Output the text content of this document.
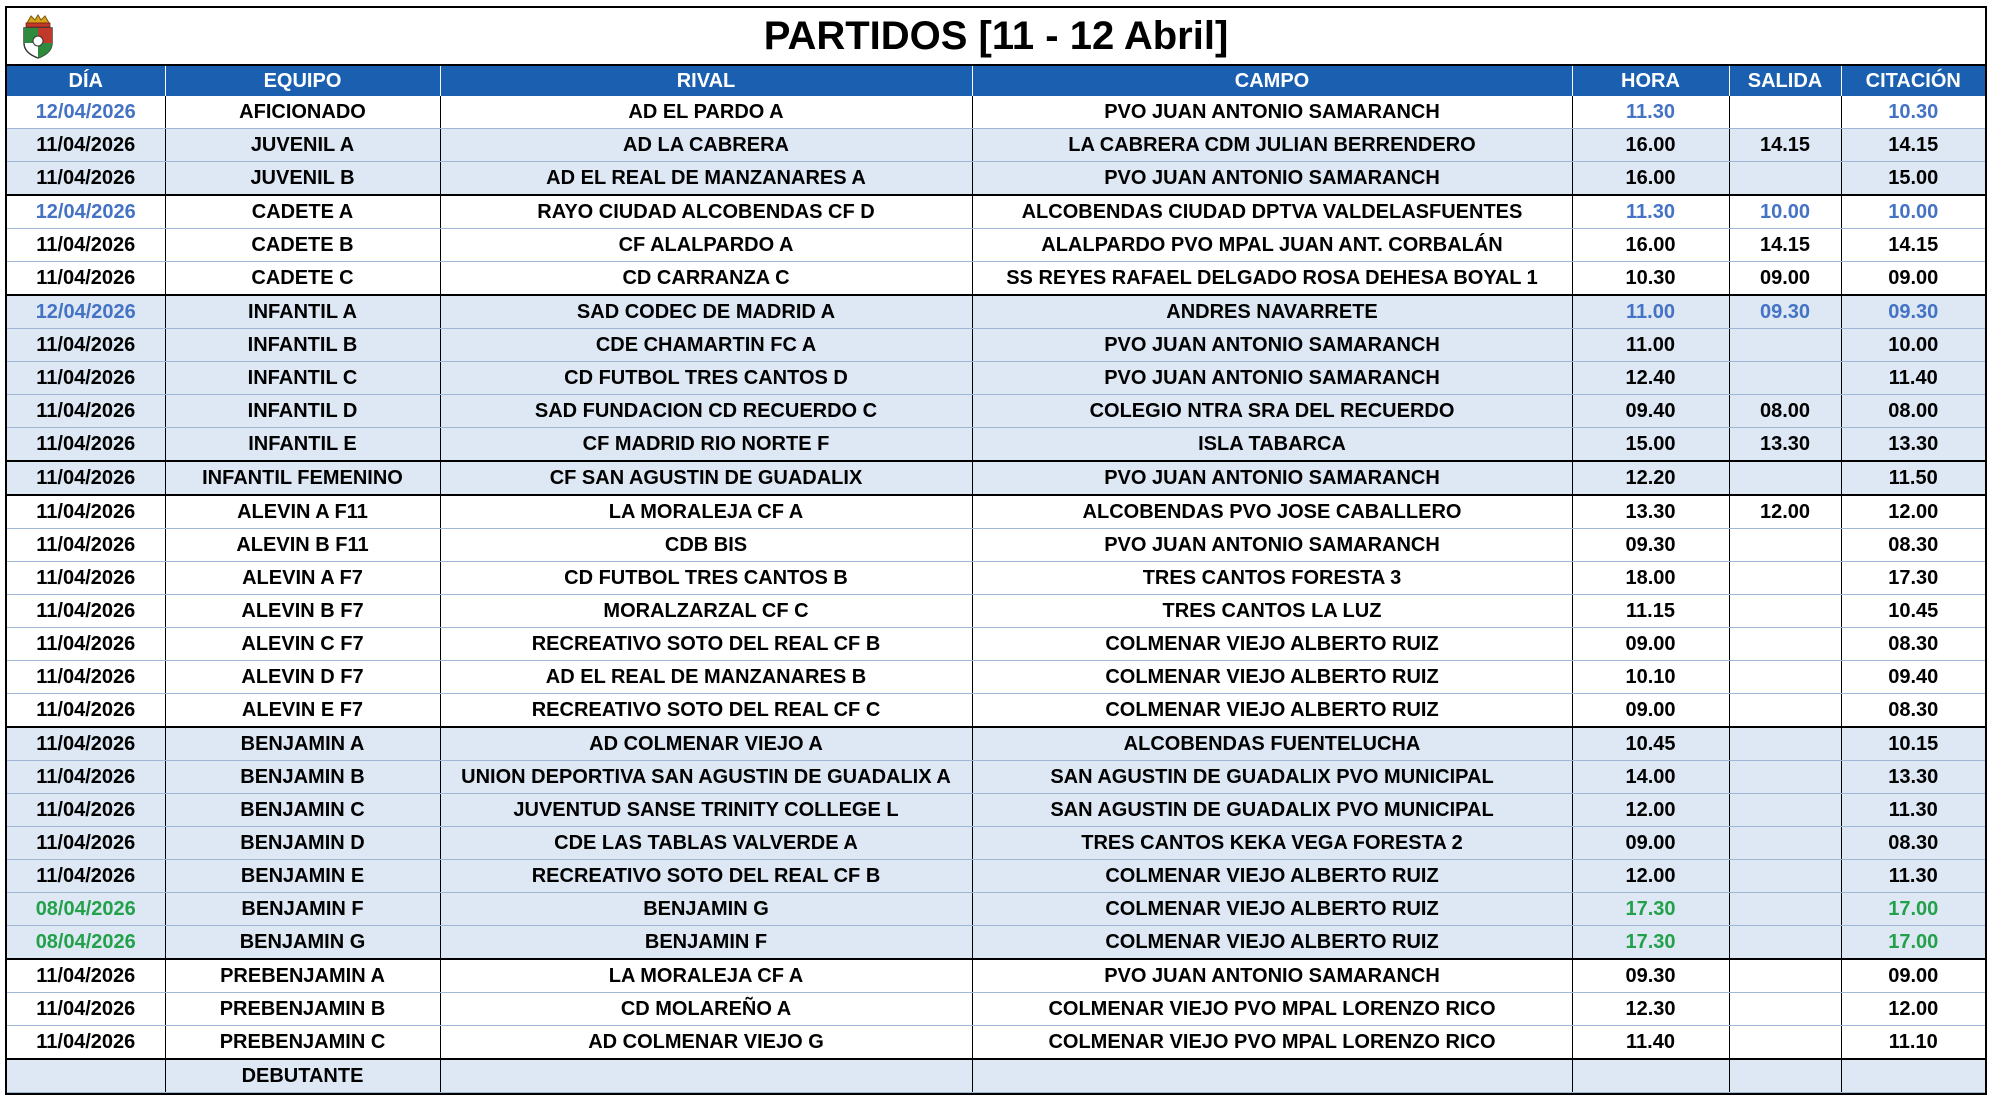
PARTIDOS [11 - 12 Abril]
DÍA	EQUIPO	RIVAL	CAMPO	HORA	SALIDA	CITACIÓN
12/04/2026	AFICIONADO	AD EL PARDO A	PVO JUAN ANTONIO SAMARANCH	11.30		10.30
11/04/2026	JUVENIL A	AD LA CABRERA	LA CABRERA CDM JULIAN BERRENDERO	16.00	14.15	14.15
11/04/2026	JUVENIL B	AD EL REAL DE MANZANARES A	PVO JUAN ANTONIO SAMARANCH	16.00		15.00
12/04/2026	CADETE A	RAYO CIUDAD ALCOBENDAS CF D	ALCOBENDAS CIUDAD DPTVA VALDELASFUENTES	11.30	10.00	10.00
11/04/2026	CADETE B	CF ALALPARDO A	ALALPARDO PVO MPAL JUAN ANT. CORBALÁN	16.00	14.15	14.15
11/04/2026	CADETE C	CD CARRANZA C	SS REYES RAFAEL DELGADO ROSA DEHESA BOYAL 1	10.30	09.00	09.00
12/04/2026	INFANTIL A	SAD CODEC DE MADRID A	ANDRES NAVARRETE	11.00	09.30	09.30
11/04/2026	INFANTIL B	CDE CHAMARTIN FC A	PVO JUAN ANTONIO SAMARANCH	11.00		10.00
11/04/2026	INFANTIL C	CD FUTBOL TRES CANTOS D	PVO JUAN ANTONIO SAMARANCH	12.40		11.40
11/04/2026	INFANTIL D	SAD FUNDACION CD RECUERDO C	COLEGIO NTRA SRA DEL RECUERDO	09.40	08.00	08.00
11/04/2026	INFANTIL E	CF MADRID RIO NORTE F	ISLA TABARCA	15.00	13.30	13.30
11/04/2026	INFANTIL FEMENINO	CF SAN AGUSTIN DE GUADALIX	PVO JUAN ANTONIO SAMARANCH	12.20		11.50
11/04/2026	ALEVIN A F11	LA MORALEJA CF A	ALCOBENDAS PVO JOSE CABALLERO	13.30	12.00	12.00
11/04/2026	ALEVIN B F11	CDB BIS	PVO JUAN ANTONIO SAMARANCH	09.30		08.30
11/04/2026	ALEVIN A F7	CD FUTBOL TRES CANTOS B	TRES CANTOS FORESTA 3	18.00		17.30
11/04/2026	ALEVIN B F7	MORALZARZAL CF C	TRES CANTOS LA LUZ	11.15		10.45
11/04/2026	ALEVIN C F7	RECREATIVO SOTO DEL REAL CF B	COLMENAR VIEJO ALBERTO RUIZ	09.00		08.30
11/04/2026	ALEVIN D F7	AD EL REAL DE MANZANARES B	COLMENAR VIEJO ALBERTO RUIZ	10.10		09.40
11/04/2026	ALEVIN E F7	RECREATIVO SOTO DEL REAL CF C	COLMENAR VIEJO ALBERTO RUIZ	09.00		08.30
11/04/2026	BENJAMIN A	AD COLMENAR VIEJO A	ALCOBENDAS FUENTELUCHA	10.45		10.15
11/04/2026	BENJAMIN B	UNION DEPORTIVA SAN AGUSTIN DE GUADALIX A	SAN AGUSTIN DE GUADALIX PVO MUNICIPAL	14.00		13.30
11/04/2026	BENJAMIN C	JUVENTUD SANSE TRINITY COLLEGE L	SAN AGUSTIN DE GUADALIX PVO MUNICIPAL	12.00		11.30
11/04/2026	BENJAMIN D	CDE LAS TABLAS VALVERDE A	TRES CANTOS KEKA VEGA FORESTA 2	09.00		08.30
11/04/2026	BENJAMIN E	RECREATIVO SOTO DEL REAL CF B	COLMENAR VIEJO ALBERTO RUIZ	12.00		11.30
08/04/2026	BENJAMIN F	BENJAMIN G	COLMENAR VIEJO ALBERTO RUIZ	17.30		17.00
08/04/2026	BENJAMIN G	BENJAMIN F	COLMENAR VIEJO ALBERTO RUIZ	17.30		17.00
11/04/2026	PREBENJAMIN A	LA MORALEJA CF A	PVO JUAN ANTONIO SAMARANCH	09.30		09.00
11/04/2026	PREBENJAMIN B	CD MOLAREÑO A	COLMENAR VIEJO PVO MPAL LORENZO RICO	12.30		12.00
11/04/2026	PREBENJAMIN C	AD COLMENAR VIEJO G	COLMENAR VIEJO PVO MPAL LORENZO RICO	11.40		11.10
	DEBUTANTE					
